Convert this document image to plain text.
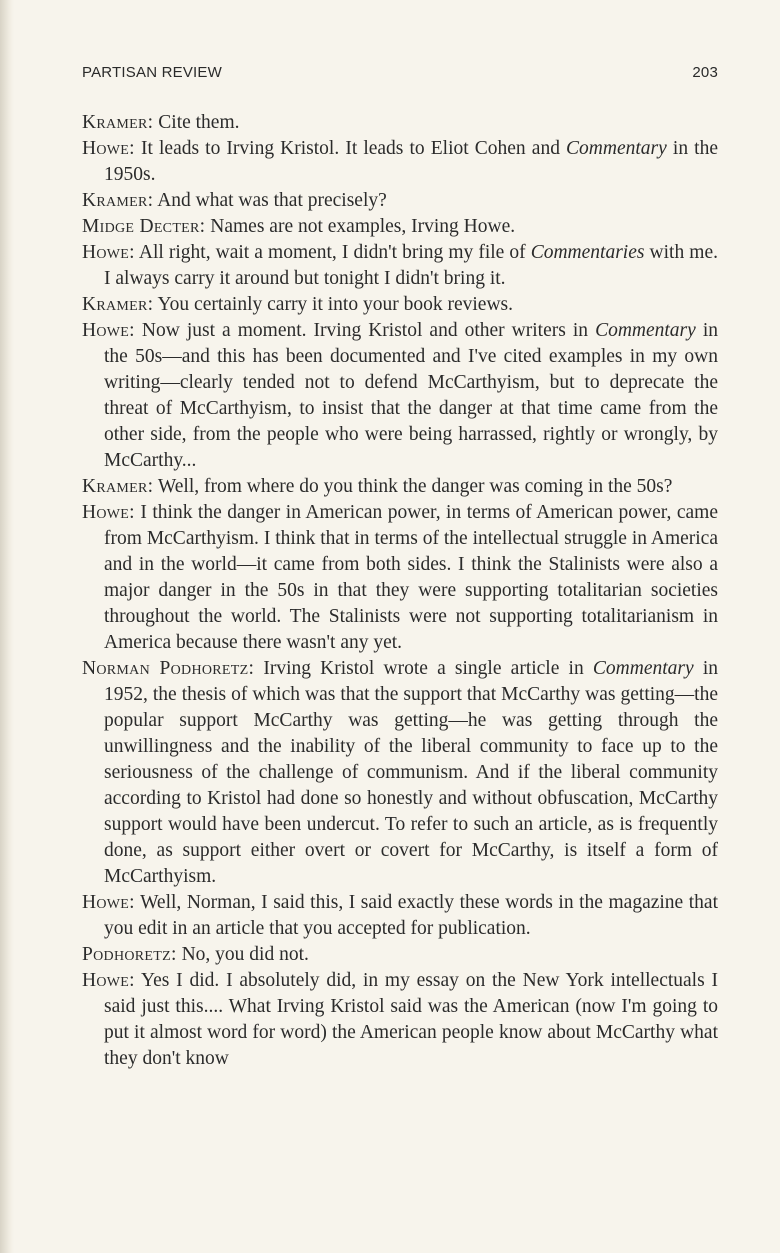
PARTISAN REVIEW	203

Kramer: Cite them.

Howe: It leads to Irving Kristol. It leads to Eliot Cohen and Commentary in the 1950s.

Kramer: And what was that precisely?

Midge Decter: Names are not examples, Irving Howe.

Howe: All right, wait a moment, I didn't bring my file of Commentaries with me. I always carry it around but tonight I didn't bring it.

Kramer: You certainly carry it into your book reviews.

Howe: Now just a moment. Irving Kristol and other writers in Commentary in the 50s—and this has been documented and I've cited examples in my own writing—clearly tended not to defend McCarthyism, but to deprecate the threat of McCarthyism, to insist that the danger at that time came from the other side, from the people who were being harrassed, rightly or wrongly, by McCarthy...

Kramer: Well, from where do you think the danger was coming in the 50s?

Howe: I think the danger in American power, in terms of American power, came from McCarthyism. I think that in terms of the intellectual struggle in America and in the world—it came from both sides. I think the Stalinists were also a major danger in the 50s in that they were supporting totalitarian societies throughout the world. The Stalinists were not supporting totalitarianism in America because there wasn't any yet.

Norman Podhoretz: Irving Kristol wrote a single article in Commentary in 1952, the thesis of which was that the support that McCarthy was getting—the popular support McCarthy was getting—he was getting through the unwillingness and the inability of the liberal community to face up to the seriousness of the challenge of communism. And if the liberal community according to Kristol had done so honestly and without obfuscation, McCarthy support would have been undercut. To refer to such an article, as is frequently done, as support either overt or covert for McCarthy, is itself a form of McCarthyism.

Howe: Well, Norman, I said this, I said exactly these words in the magazine that you edit in an article that you accepted for publication.

Podhoretz: No, you did not.

Howe: Yes I did. I absolutely did, in my essay on the New York intellectuals I said just this.... What Irving Kristol said was the American (now I'm going to put it almost word for word) the American people know about McCarthy what they don't know
